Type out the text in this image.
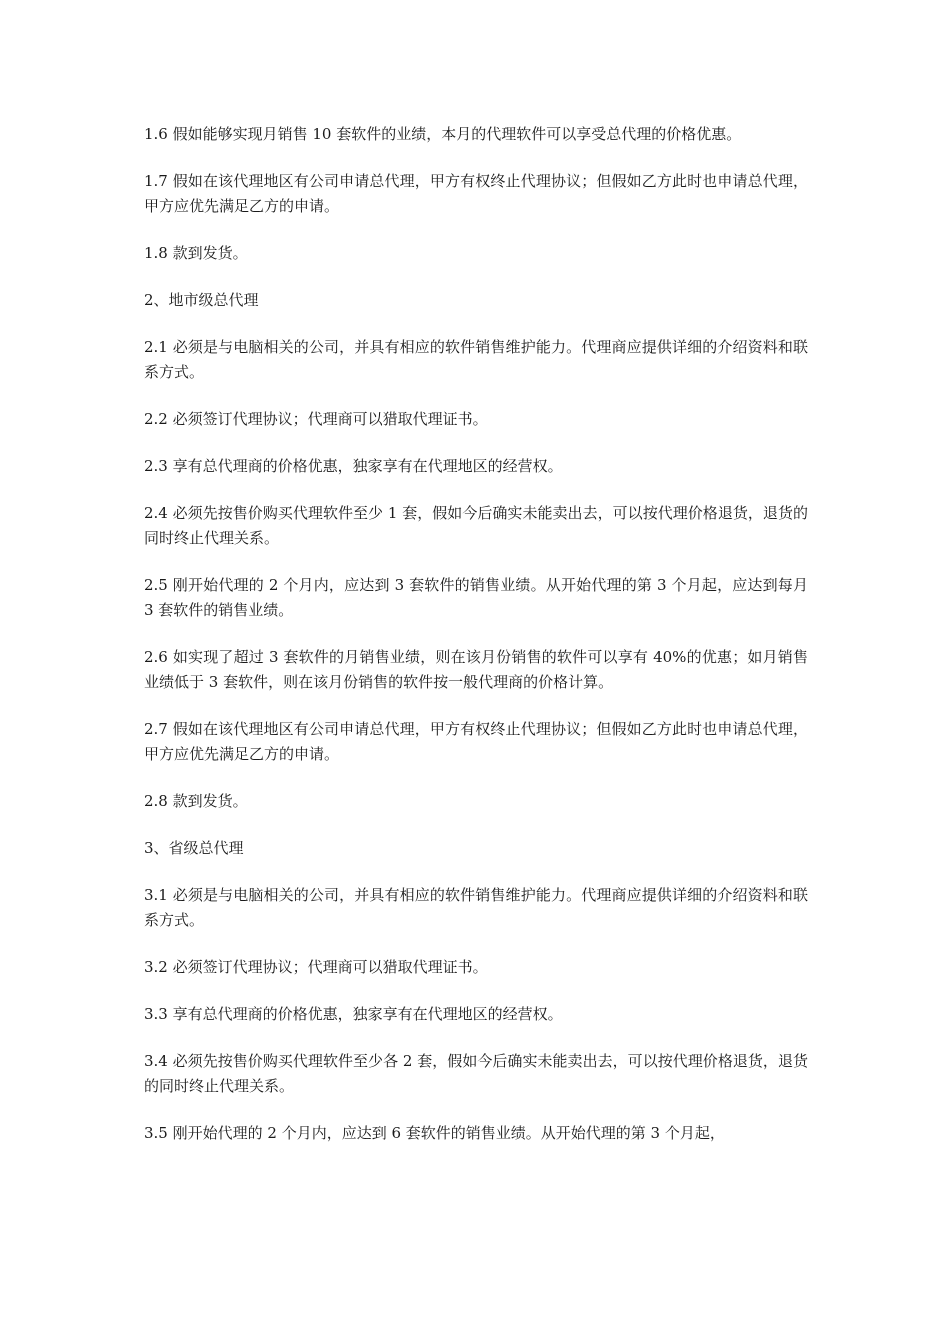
1.6 假如能够实现月销售 10 套软件的业绩，本月的代理软件可以享受总代理的价格优惠。

1.7 假如在该代理地区有公司申请总代理，甲方有权终止代理协议；但假如乙方此时也申请总代理，甲方应优先满足乙方的申请。

1.8 款到发货。

2、地市级总代理

2.1 必须是与电脑相关的公司，并具有相应的软件销售维护能力。代理商应提供详细的介绍资料和联系方式。

2.2 必须签订代理协议；代理商可以猎取代理证书。

2.3 享有总代理商的价格优惠，独家享有在代理地区的经营权。

2.4 必须先按售价购买代理软件至少 1 套，假如今后确实未能卖出去，可以按代理价格退货，退货的同时终止代理关系。

2.5 刚开始代理的 2 个月内，应达到 3 套软件的销售业绩。从开始代理的第 3 个月起，应达到每月 3 套软件的销售业绩。

2.6 如实现了超过 3 套软件的月销售业绩，则在该月份销售的软件可以享有 40%的优惠；如月销售业绩低于 3 套软件，则在该月份销售的软件按一般代理商的价格计算。

2.7 假如在该代理地区有公司申请总代理，甲方有权终止代理协议；但假如乙方此时也申请总代理，甲方应优先满足乙方的申请。

2.8 款到发货。

3、省级总代理

3.1 必须是与电脑相关的公司，并具有相应的软件销售维护能力。代理商应提供详细的介绍资料和联系方式。

3.2 必须签订代理协议；代理商可以猎取代理证书。

3.3 享有总代理商的价格优惠，独家享有在代理地区的经营权。

3.4 必须先按售价购买代理软件至少各 2 套，假如今后确实未能卖出去，可以按代理价格退货，退货的同时终止代理关系。

3.5 刚开始代理的 2 个月内，应达到 6 套软件的销售业绩。从开始代理的第 3 个月起，
